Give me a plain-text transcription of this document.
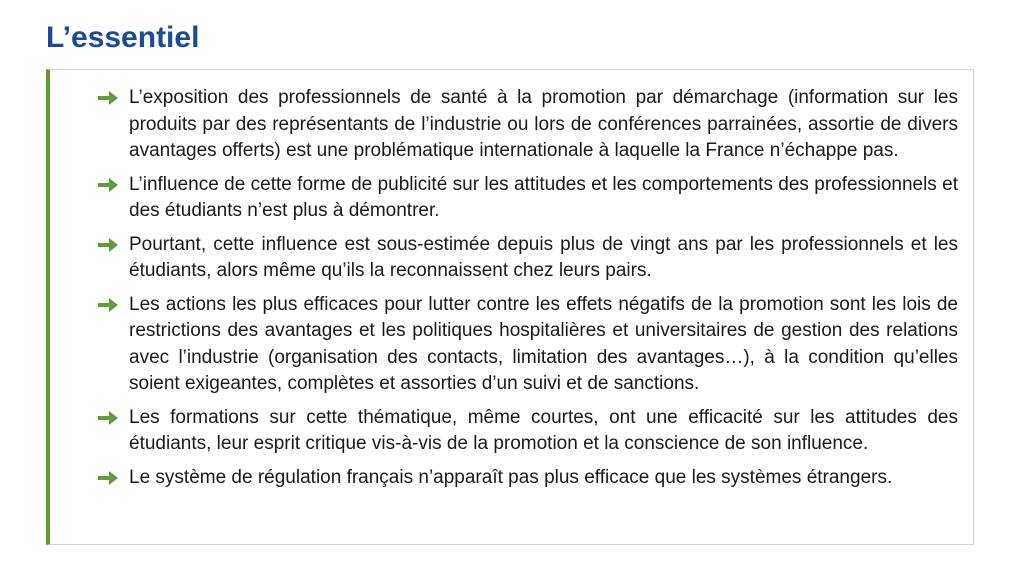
L’essentiel
L’exposition des professionnels de santé à la promotion par démarchage (information sur les produits par des représentants de l’industrie ou lors de conférences parrainées, assortie de divers avantages offerts) est une problématique internationale à laquelle la France n’échappe pas.
L’influence de cette forme de publicité sur les attitudes et les comportements des professionnels et des étudiants n’est plus à démontrer.
Pourtant, cette influence est sous-estimée depuis plus de vingt ans par les professionnels et les étudiants, alors même qu’ils la reconnaissent chez leurs pairs.
Les actions les plus efficaces pour lutter contre les effets négatifs de la promotion sont les lois de restrictions des avantages et les politiques hospitalières et universitaires de gestion des relations avec l’industrie (organisation des contacts, limitation des avantages…), à la condition qu’elles soient exigeantes, complètes et assorties d’un suivi et de sanctions.
Les formations sur cette thématique, même courtes, ont une efficacité sur les attitudes des étudiants, leur esprit critique vis-à-vis de la promotion et la conscience de son influence.
Le système de régulation français n’apparaît pas plus efficace que les systèmes étrangers.
